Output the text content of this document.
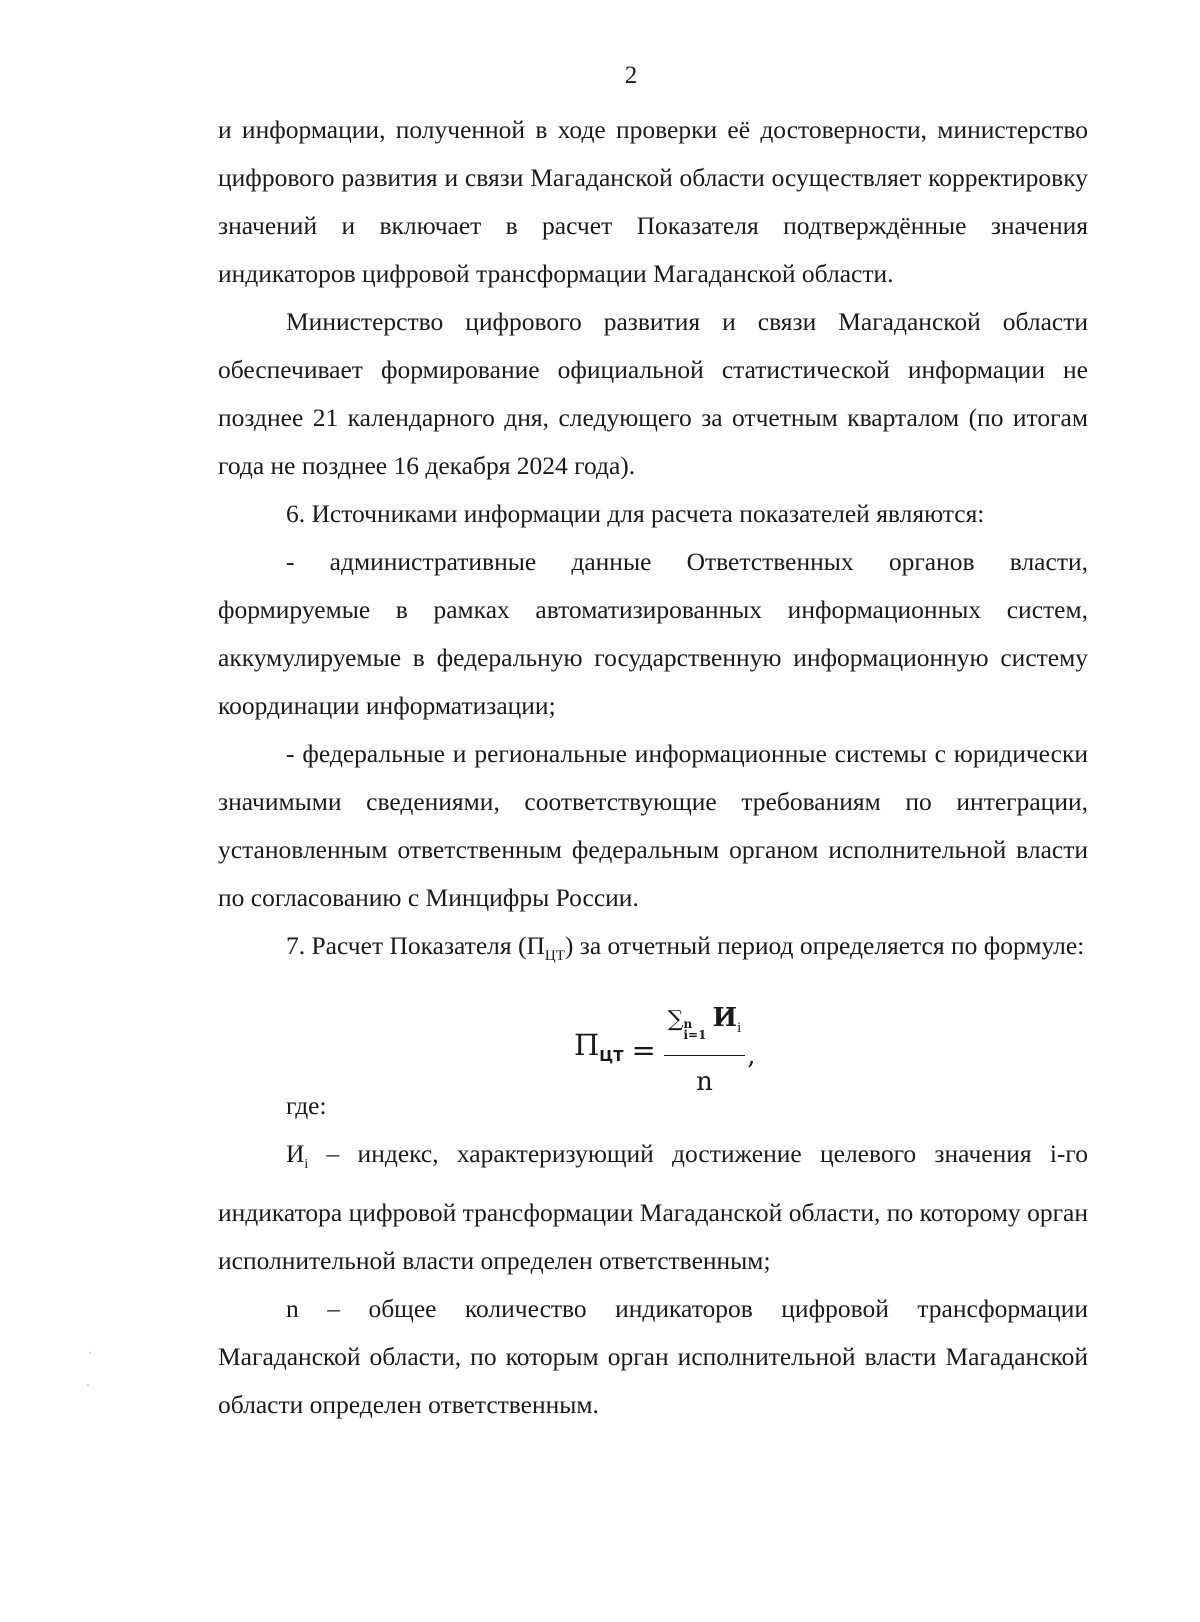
2

и информации, полученной в ходе проверки её достоверности, министерство цифрового развития и связи Магаданской области осуществляет корректировку значений и включает в расчет Показателя подтверждённые значения индикаторов цифровой трансформации Магаданской области.

Министерство цифрового развития и связи Магаданской области обеспечивает формирование официальной статистической информации не позднее 21 календарного дня, следующего за отчетным кварталом (по итогам года не позднее 16 декабря 2024 года).

6. Источниками информации для расчета показателей являются:

- административные данные Ответственных органов власти, формируемые в рамках автоматизированных информационных систем, аккумулируемые в федеральную государственную информационную систему координации информатизации;

- федеральные и региональные информационные системы с юридически значимыми сведениями, соответствующие требованиям по интеграции, установленным ответственным федеральным органом исполнительной власти по согласованию с Минцифры России.

7. Расчет Показателя $(П_{ЦТ})$ за отчетный период определяется по формуле:

$П_{ЦТ}$ = ∑ n
i=1
$И_i$
n ,

где:

$И_i$ – индекс, характеризующий достижение целевого значения i-го индикатора цифровой трансформации Магаданской области, по которому орган исполнительной власти определен ответственным;

n – общее количество индикаторов цифровой трансформации Магаданской области, по которым орган исполнительной власти Магаданской области определен ответственным.

ˌ
·
